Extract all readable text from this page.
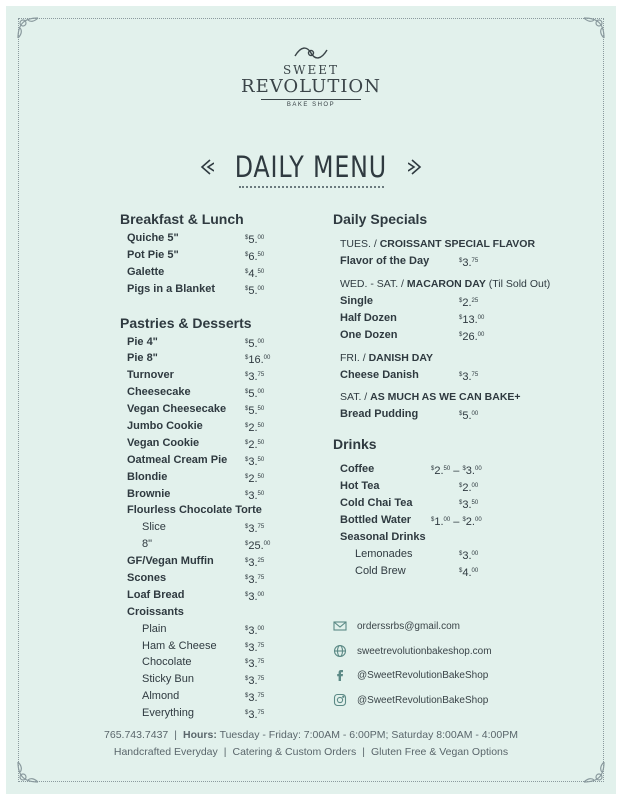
SWEET
REVOLUTION
BAKE SHOP
DAILY MENU
Breakfast & Lunch
Quiche 5"	$5.00
Pot Pie 5"	$6.50
Galette	$4.50
Pigs in a Blanket	$5.00
Pastries & Desserts
Pie 4"	$5.00
Pie 8"	$16.00
Turnover	$3.75
Cheesecake	$5.00
Vegan Cheesecake	$5.50
Jumbo Cookie	$2.50
Vegan Cookie	$2.50
Oatmeal Cream Pie	$3.50
Blondie	$2.50
Brownie	$3.50
Flourless Chocolate Torte
Slice	$3.75
8"	$25.00
GF/Vegan Muffin	$3.25
Scones	$3.75
Loaf Bread	$3.00
Croissants
Plain	$3.00
Ham & Cheese	$3.75
Chocolate	$3.75
Sticky Bun	$3.75
Almond	$3.75
Everything	$3.75
Daily Specials
TUES. / CROISSANT SPECIAL FLAVOR
Flavor of the Day	$3.75
WED. - SAT. / MACARON DAY (Til Sold Out)
Single	$2.25
Half Dozen	$13.00
One Dozen	$26.00
FRI. / DANISH DAY
Cheese Danish	$3.75
SAT. / AS MUCH AS WE CAN BAKE+
Bread Pudding	$5.00
Drinks
Coffee	$2.50 – $3.00
Hot Tea	$2.00
Cold Chai Tea	$3.50
Bottled Water	$1.00 – $2.00
Seasonal Drinks
Lemonades	$3.00
Cold Brew	$4.00
orderssrbs@gmail.com
sweetrevolutionbakeshop.com
@SweetRevolutionBakeShop
@SweetRevolutionBakeShop
765.743.7437 | Hours: Tuesday - Friday: 7:00AM - 6:00PM; Saturday 8:00AM - 4:00PM
Handcrafted Everyday | Catering & Custom Orders | Gluten Free & Vegan Options
